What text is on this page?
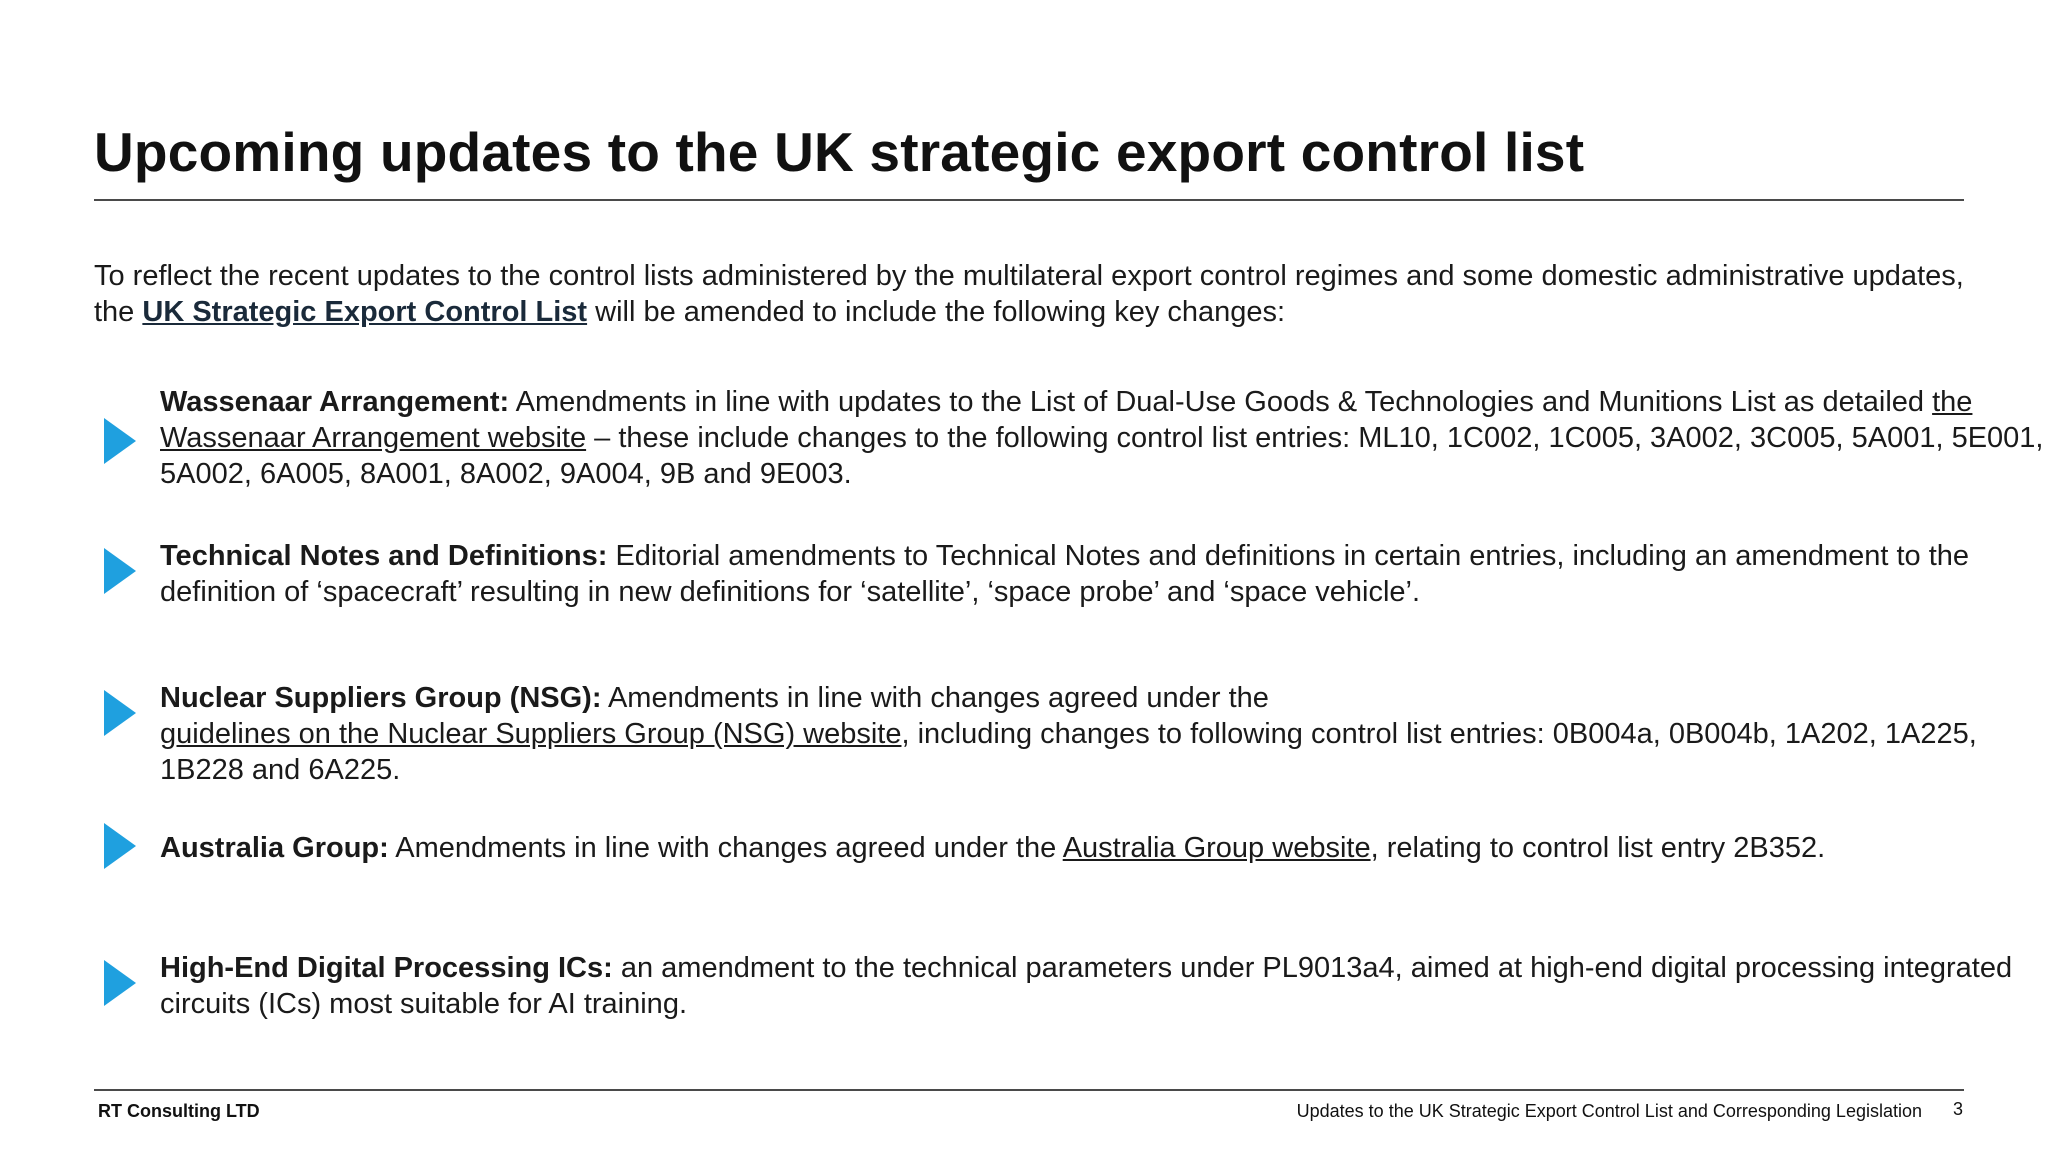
Upcoming updates to the UK strategic export control list
To reflect the recent updates to the control lists administered by the multilateral export control regimes and some domestic administrative updates, the UK Strategic Export Control List will be amended to include the following key changes:
Wassenaar Arrangement: Amendments in line with updates to the List of Dual-Use Goods & Technologies and Munitions List as detailed the Wassenaar Arrangement website – these include changes to the following control list entries: ML10, 1C002, 1C005, 3A002, 3C005, 5A001, 5E001, 5A002, 6A005, 8A001, 8A002, 9A004, 9B and 9E003.
Technical Notes and Definitions: Editorial amendments to Technical Notes and definitions in certain entries, including an amendment to the definition of ‘spacecraft’ resulting in new definitions for ‘satellite’, ‘space probe’ and ‘space vehicle’.
Nuclear Suppliers Group (NSG): Amendments in line with changes agreed under the
guidelines on the Nuclear Suppliers Group (NSG) website, including changes to following control list entries: 0B004a, 0B004b, 1A202, 1A225, 1B228 and 6A225.
Australia Group: Amendments in line with changes agreed under the Australia Group website, relating to control list entry 2B352.
High-End Digital Processing ICs: an amendment to the technical parameters under PL9013a4, aimed at high-end digital processing integrated circuits (ICs) most suitable for AI training.
RT Consulting LTD	Updates to the UK Strategic Export Control List and Corresponding Legislation 3
